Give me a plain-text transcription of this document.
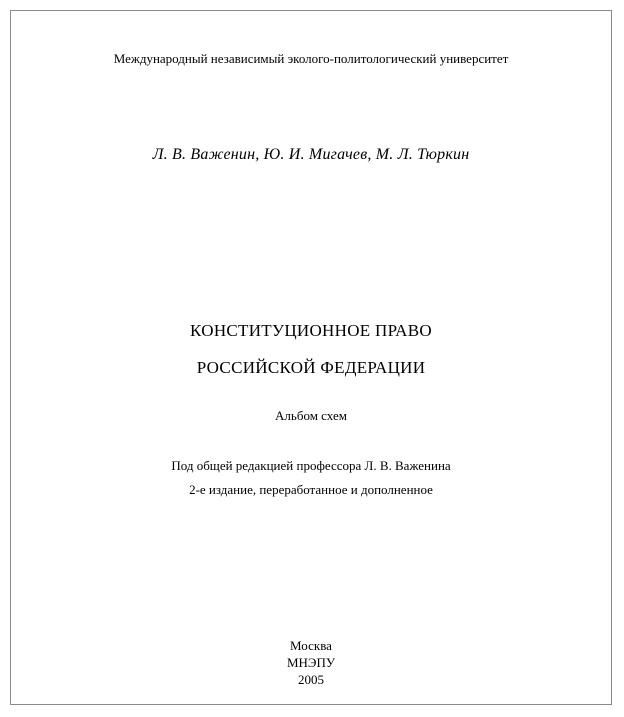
Международный независимый эколого-политологический университет
Л. В. Важенин, Ю. И. Мигачев, М. Л. Тюркин
КОНСТИТУЦИОННОЕ ПРАВО
РОССИЙСКОЙ ФЕДЕРАЦИИ
Альбом схем
Под общей редакцией профессора Л. В. Важенина
2-е издание, переработанное и дополненное
Москва
МНЭПУ
2005
